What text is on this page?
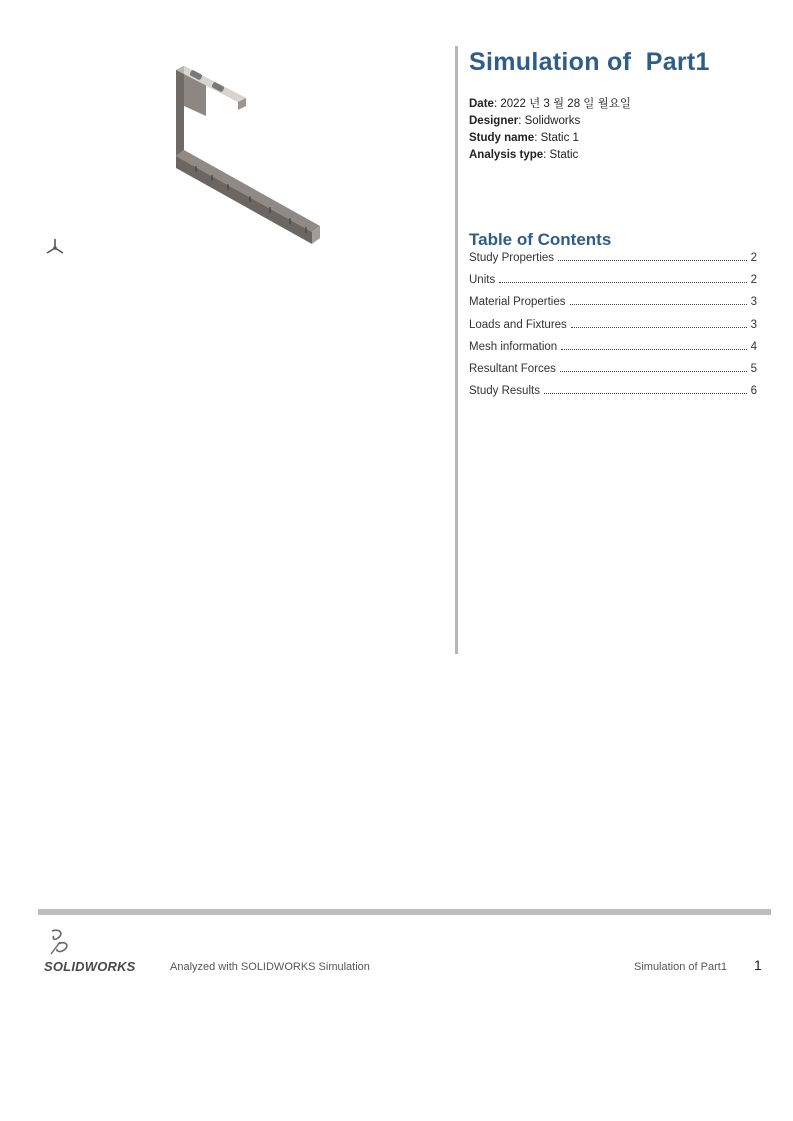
Simulation of  Part1
Date: 2022 년 3 월 28 일 월요일
Designer: Solidworks
Study name: Static 1
Analysis type: Static
Table of Contents
Study Properties	2
Units	2
Material Properties	3
Loads and Fixtures	3
Mesh information	4
Resultant Forces	5
Study Results	6
SOLIDWORKS	Analyzed with SOLIDWORKS Simulation	Simulation of Part1 1
